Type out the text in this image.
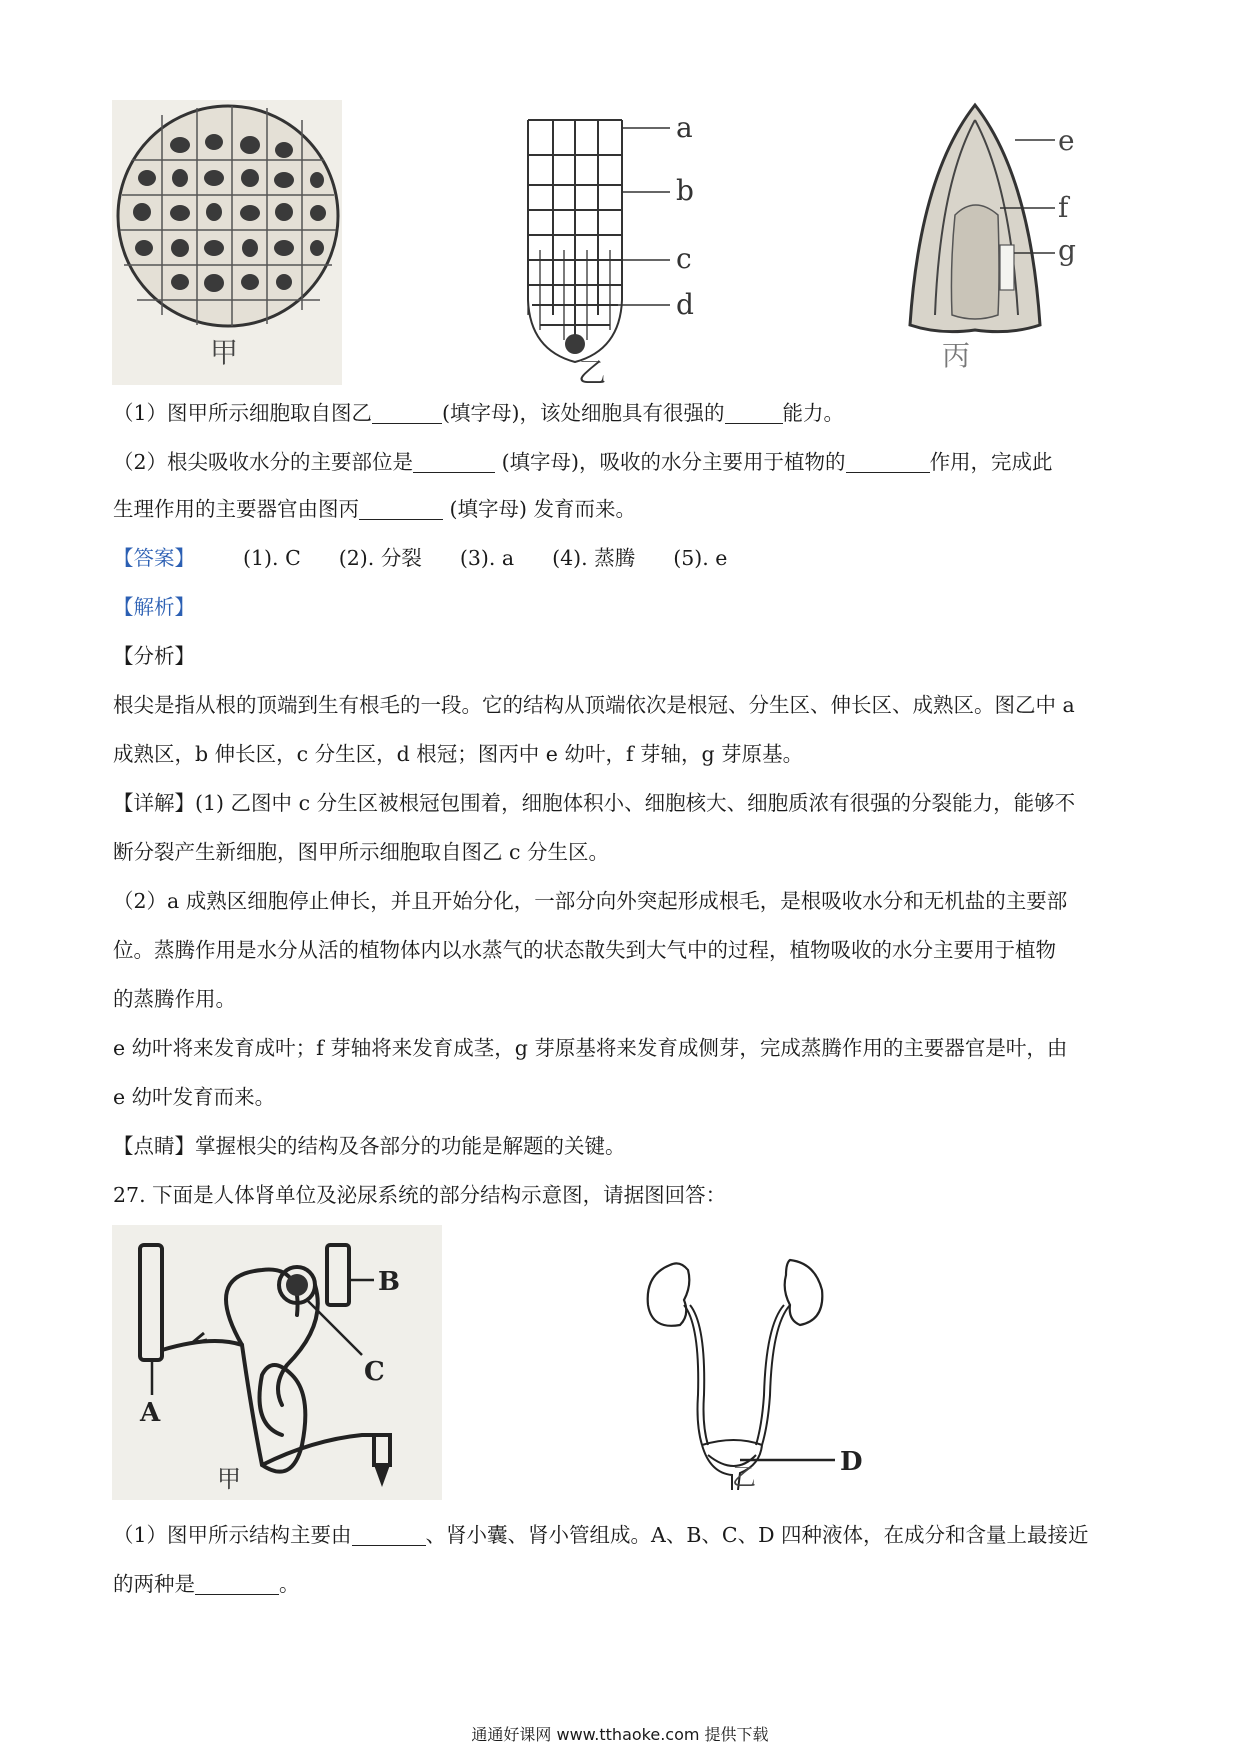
甲
a
b
c
d
乙
e
f
g
丙
（1）图甲所示细胞取自图乙	(填字母)，该处细胞具有很强的	能力。
（2）根尖吸收水分的主要部位是	(填字母)，吸收的水分主要用于植物的	作用，完成此
生理作用的主要器官由图丙	(填字母) 发育而来。
【答案】 (1). C (2). 分裂 (3). a (4). 蒸腾 (5). e
【解析】
【分析】
根尖是指从根的顶端到生有根毛的一段。它的结构从顶端依次是根冠、分生区、伸长区、成熟区。图乙中 a
成熟区，b 伸长区，c 分生区，d 根冠；图丙中 e 幼叶，f 芽轴，g 芽原基。
【详解】(1) 乙图中 c 分生区被根冠包围着，细胞体积小、细胞核大、细胞质浓有很强的分裂能力，能够不
断分裂产生新细胞，图甲所示细胞取自图乙 c 分生区。
（2）a 成熟区细胞停止伸长，并且开始分化，一部分向外突起形成根毛，是根吸收水分和无机盐的主要部
位。蒸腾作用是水分从活的植物体内以水蒸气的状态散失到大气中的过程，植物吸收的水分主要用于植物
的蒸腾作用。
e 幼叶将来发育成叶；f 芽轴将来发育成茎，g 芽原基将来发育成侧芽，完成蒸腾作用的主要器官是叶，由
e 幼叶发育而来。
【点睛】掌握根尖的结构及各部分的功能是解题的关键。
27. 下面是人体肾单位及泌尿系统的部分结构示意图，请据图回答：
A
B
C
甲
D
乙
（1）图甲所示结构主要由	、肾小囊、肾小管组成。A、B、C、D 四种液体，在成分和含量上最接近
的两种是	。
通通好课网 www.tthaoke.com 提供下载
